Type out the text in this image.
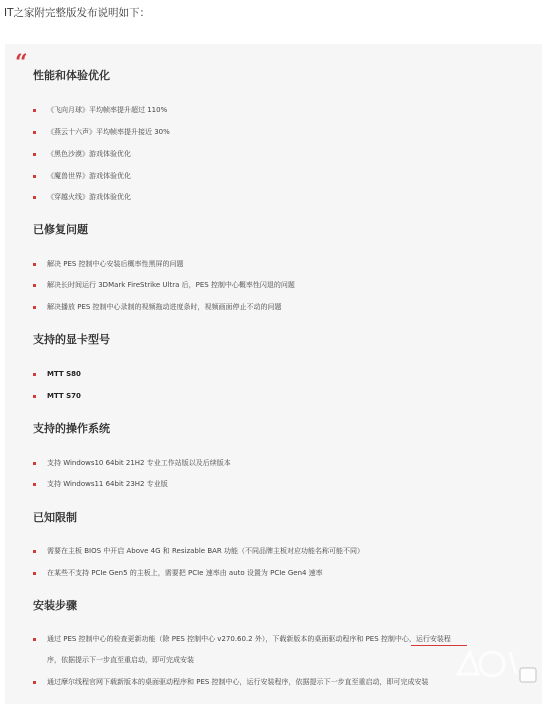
IT之家附完整版发布说明如下：
“ 性能和体验优化
《飞向月球》平均帧率提升超过 110%
《燕云十六声》平均帧率提升接近 30%
《黑色沙漠》游戏体验优化
《魔兽世界》游戏体验优化
《穿越火线》游戏体验优化
已修复问题
解决 PES 控制中心安装后概率性黑屏的问题
解决长时间运行 3DMark FireStrike Ultra 后，PES 控制中心概率性闪退的问题
解决播放 PES 控制中心录制的视频拖动进度条时，视频画面停止不动的问题
支持的显卡型号
MTT S80
MTT S70
支持的操作系统
支持 Windows10 64bit 21H2 专业工作站版以及后续版本
支持 Windows11 64bit 23H2 专业版
已知限制
需要在主板 BIOS 中开启 Above 4G 和 Resizable BAR 功能（不同品牌主板对应功能名称可能不同）
在某些不支持 PCIe Gen5 的主板上，需要把 PCIe 速率由 auto 设置为 PCIe Gen4 速率
安装步骤
通过 PES 控制中心的检查更新功能（除 PES 控制中心 v270.60.2 外），下载新版本的桌面驱动程序和 PES 控制中心，运行安装程
序，依据提示下一步直至重启动，即可完成安装
通过摩尔线程官网下载新版本的桌面驱动程序和 PES 控制中心，运行安装程序，依据提示下一步直至重启动，即可完成安装
